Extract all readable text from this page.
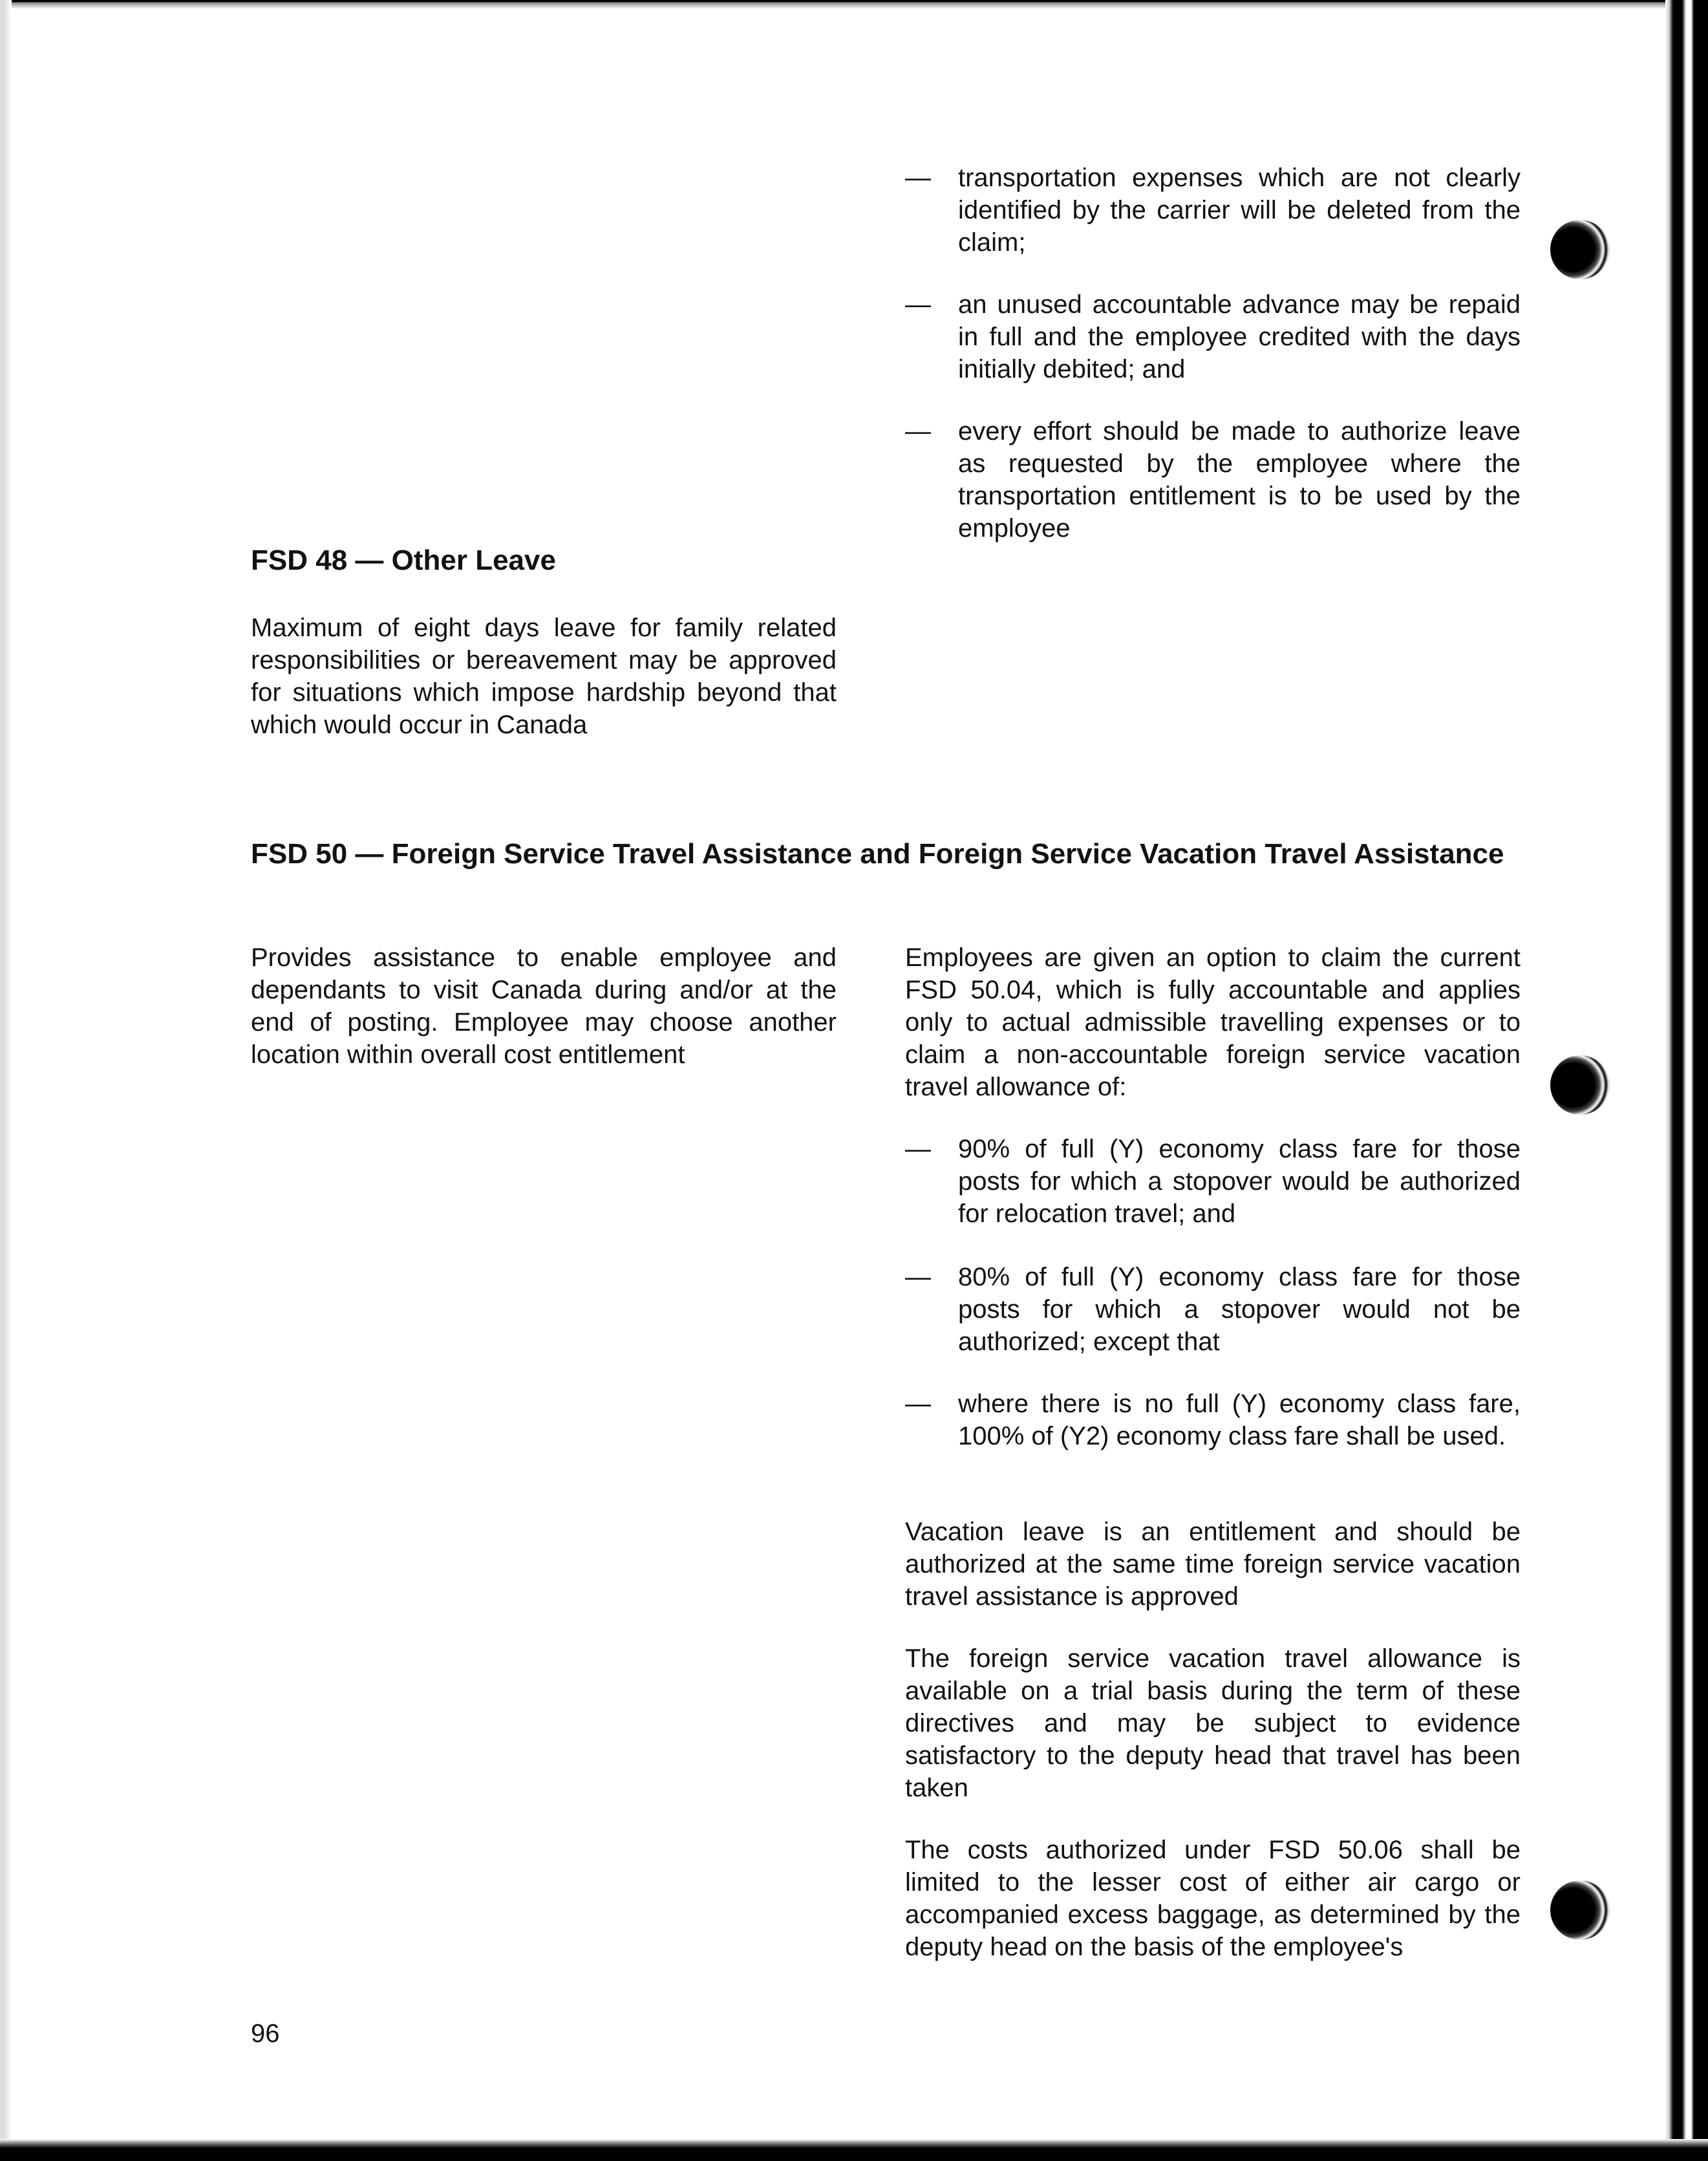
— transportation expenses which are not clearly identified by the carrier will be deleted from the claim;

— an unused accountable advance may be repaid in full and the employee credited with the days initially debited; and

— every effort should be made to authorize leave as requested by the employee where the transportation entitlement is to be used by the employee

FSD 48 — Other Leave

Maximum of eight days leave for family related responsibilities or bereavement may be approved for situations which impose hardship beyond that which would occur in Canada

FSD 50 — Foreign Service Travel Assistance and Foreign Service Vacation Travel Assistance

Provides assistance to enable employee and dependants to visit Canada during and/or at the end of posting. Employee may choose another location within overall cost entitlement

Employees are given an option to claim the current FSD 50.04, which is fully accountable and applies only to actual admissible travelling expenses or to claim a non-accountable foreign service vacation travel allowance of:

— 90% of full (Y) economy class fare for those posts for which a stopover would be authorized for relocation travel; and

— 80% of full (Y) economy class fare for those posts for which a stopover would not be authorized; except that

— where there is no full (Y) economy class fare, 100% of (Y2) economy class fare shall be used.

Vacation leave is an entitlement and should be authorized at the same time foreign service vacation travel assistance is approved

The foreign service vacation travel allowance is available on a trial basis during the term of these directives and may be subject to evidence satisfactory to the deputy head that travel has been taken

The costs authorized under FSD 50.06 shall be limited to the lesser cost of either air cargo or accompanied excess baggage, as determined by the deputy head on the basis of the employee's

96
